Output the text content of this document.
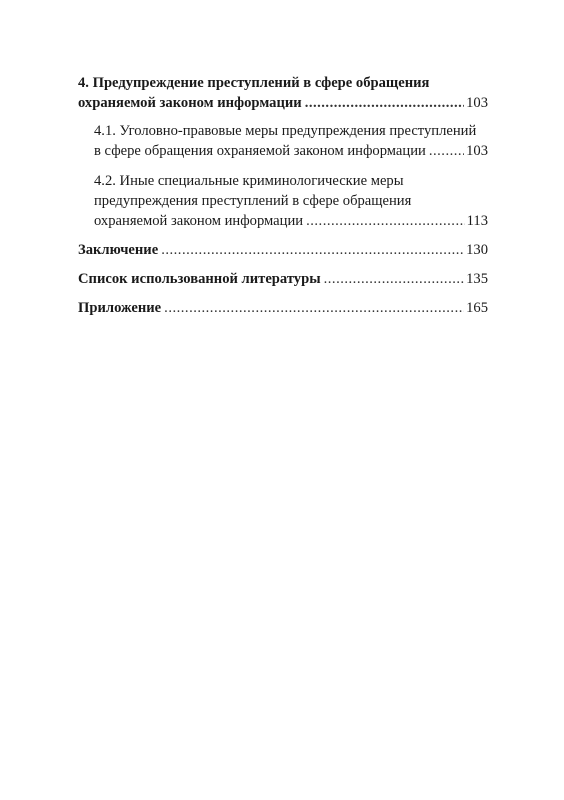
4. Предупреждение преступлений в сфере обращения
охраняемой законом информации .....	103
4.1. Уголовно-правовые меры предупреждения преступлений
в сфере обращения охраняемой законом информации .....	103
4.2. Иные специальные криминологические меры
предупреждения преступлений в сфере обращения
охраняемой законом информации .....	113
Заключение .....	130
Список использованной литературы .....	135
Приложение .....	165
